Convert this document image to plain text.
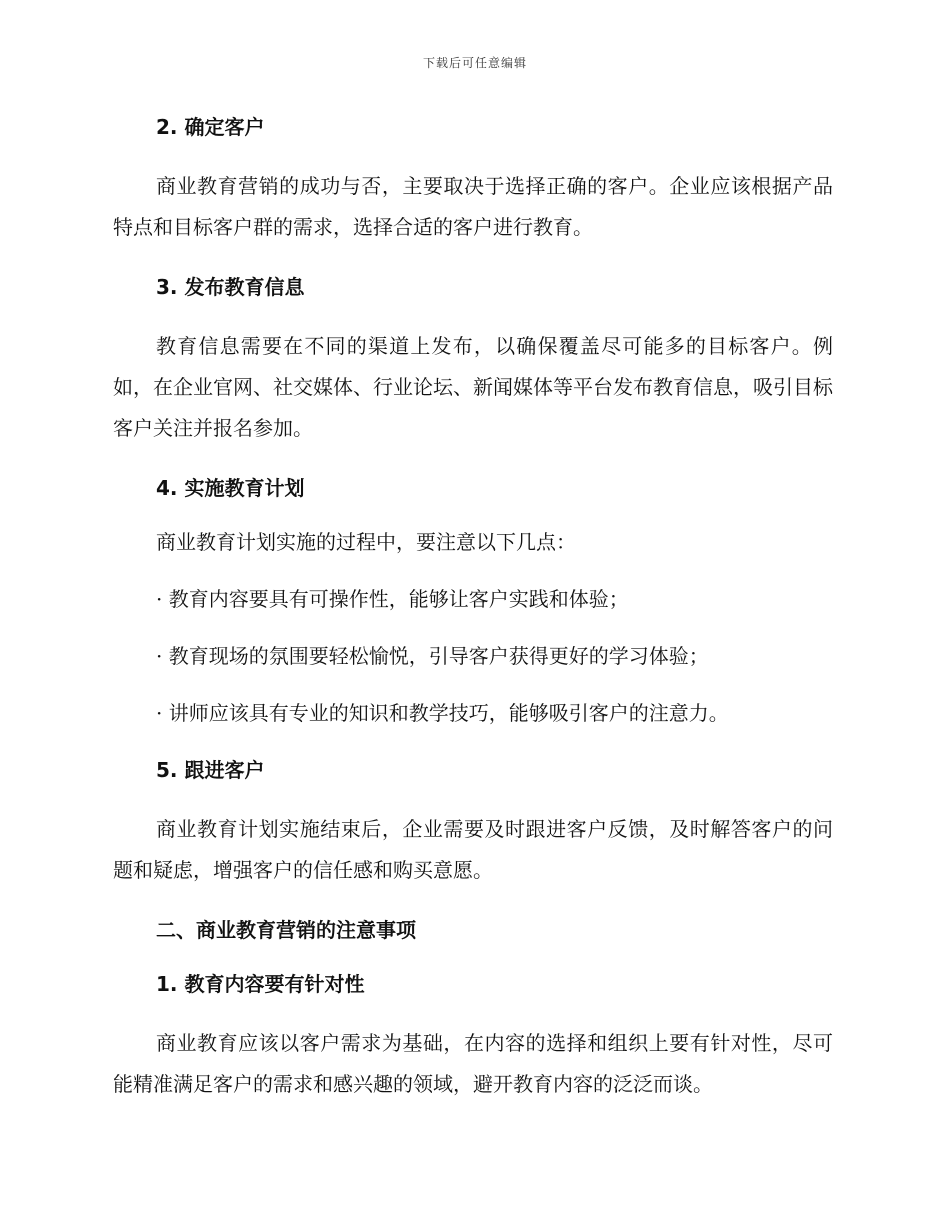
下载后可任意编辑

2. 确定客户

商业教育营销的成功与否，主要取决于选择正确的客户。企业应该根据产品特点和目标客户群的需求，选择合适的客户进行教育。

3. 发布教育信息

教育信息需要在不同的渠道上发布，以确保覆盖尽可能多的目标客户。例如，在企业官网、社交媒体、行业论坛、新闻媒体等平台发布教育信息，吸引目标客户关注并报名参加。

4. 实施教育计划

商业教育计划实施的过程中，要注意以下几点：

· 教育内容要具有可操作性，能够让客户实践和体验；

· 教育现场的氛围要轻松愉悦，引导客户获得更好的学习体验；

· 讲师应该具有专业的知识和教学技巧，能够吸引客户的注意力。

5. 跟进客户

商业教育计划实施结束后，企业需要及时跟进客户反馈，及时解答客户的问题和疑虑，增强客户的信任感和购买意愿。

二、商业教育营销的注意事项

1. 教育内容要有针对性

商业教育应该以客户需求为基础，在内容的选择和组织上要有针对性，尽可能精准满足客户的需求和感兴趣的领域，避开教育内容的泛泛而谈。
